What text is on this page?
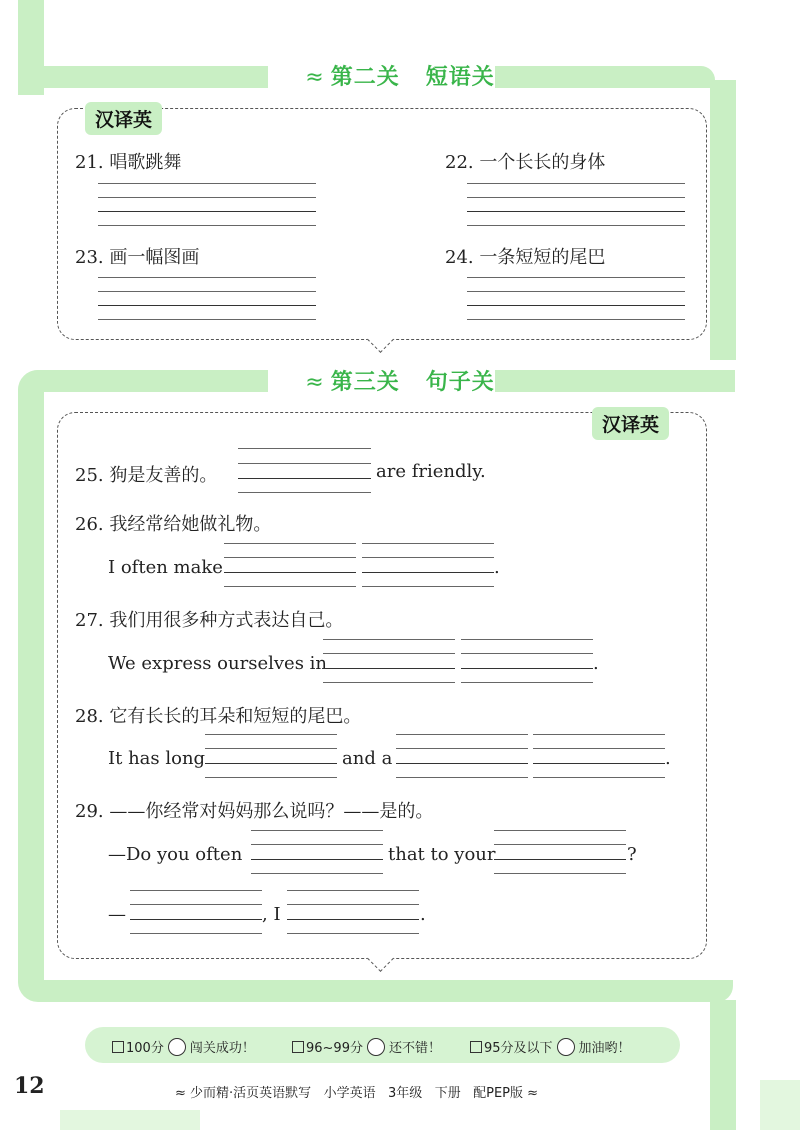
≈ 第二关 短语关
汉译英
21. 唱歌跳舞	22. 一个长长的身体
23. 画一幅图画	24. 一条短短的尾巴
≈ 第三关 句子关
汉译英
25. 狗是友善的。	are friendly.
26. 我经常给她做礼物。
I often make	.
27. 我们用很多种方式表达自己。
We express ourselves in	.
28. 它有长长的耳朵和短短的尾巴。
It has long	and a	.
29. ——你经常对妈妈那么说吗？——是的。
—Do you often	that to your	?
—	, I	.
100分 闯关成功！	96~99分 还不错！	95分及以下 加油哟！
12	≈ 少而精·活页英语默写 小学英语 3年级 下册 配PEP版 ≈
